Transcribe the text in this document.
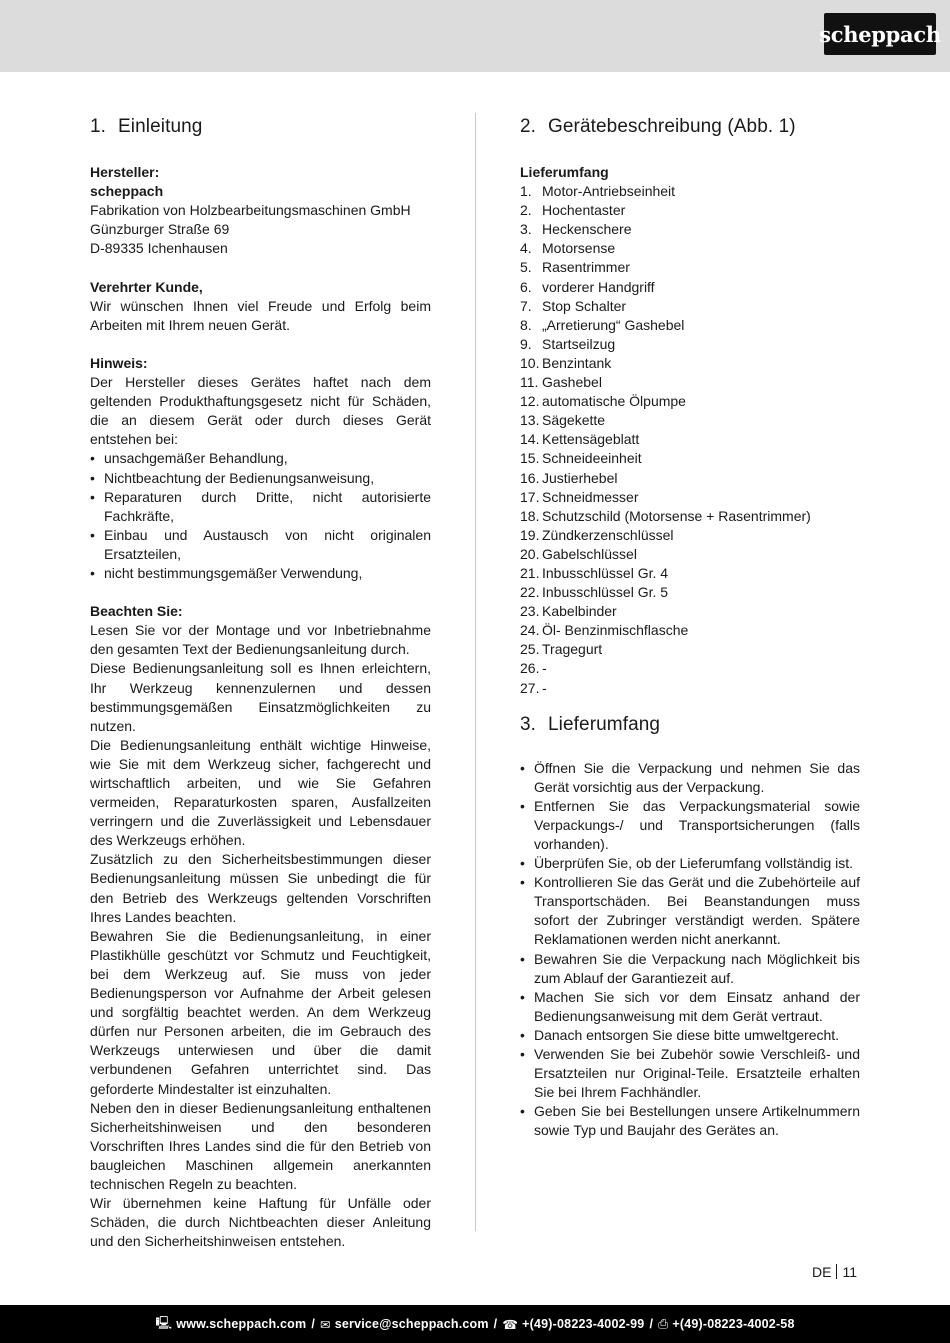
scheppach
1. Einleitung
Hersteller:
scheppach
Fabrikation von Holzbearbeitungsmaschinen GmbH
Günzburger Straße 69
D-89335 Ichenhausen
Verehrter Kunde,

Wir wünschen Ihnen viel Freude und Erfolg beim Arbeiten mit Ihrem neuen Gerät.

Hinweis:

Der Hersteller dieses Gerätes haftet nach dem geltenden Produkthaftungsgesetz nicht für Schäden, die an diesem Gerät oder durch dieses Gerät entstehen bei:

• unsachgemäßer Behandlung,
• Nichtbeachtung der Bedienungsanweisung,
• Reparaturen durch Dritte, nicht autorisierte Fachkräfte,
• Einbau und Austausch von nicht originalen Ersatzteilen,
• nicht bestimmungsgemäßer Verwendung,
Beachten Sie:

Lesen Sie vor der Montage und vor Inbetriebnahme den gesamten Text der Bedienungsanleitung durch.

Diese Bedienungsanleitung soll es Ihnen erleichtern, Ihr Werkzeug kennenzulernen und dessen bestimmungsgemäßen Einsatzmöglichkeiten zu nutzen.

Die Bedienungsanleitung enthält wichtige Hinweise, wie Sie mit dem Werkzeug sicher, fachgerecht und wirtschaftlich arbeiten, und wie Sie Gefahren vermeiden, Reparaturkosten sparen, Ausfallzeiten verringern und die Zuverlässigkeit und Lebensdauer des Werkzeugs erhöhen.

Zusätzlich zu den Sicherheitsbestimmungen dieser Bedienungsanleitung müssen Sie unbedingt die für den Betrieb des Werkzeugs geltenden Vorschriften Ihres Landes beachten.

Bewahren Sie die Bedienungsanleitung, in einer Plastikhülle geschützt vor Schmutz und Feuchtigkeit, bei dem Werkzeug auf. Sie muss von jeder Bedienungsperson vor Aufnahme der Arbeit gelesen und sorgfältig beachtet werden. An dem Werkzeug dürfen nur Personen arbeiten, die im Gebrauch des Werkzeugs unterwiesen und über die damit verbundenen Gefahren unterrichtet sind. Das geforderte Mindestalter ist einzuhalten.

Neben den in dieser Bedienungsanleitung enthaltenen Sicherheitshinweisen und den besonderen Vorschriften Ihres Landes sind die für den Betrieb von baugleichen Maschinen allgemein anerkannten technischen Regeln zu beachten.

Wir übernehmen keine Haftung für Unfälle oder Schäden, die durch Nichtbeachten dieser Anleitung und den Sicherheitshinweisen entstehen.

2. Gerätebeschreibung (Abb. 1)
Lieferumfang
1. Motor-Antriebseinheit
2. Hochentaster
3. Heckenschere
4. Motorsense
5. Rasentrimmer
6. vorderer Handgriff
7. Stop Schalter
8. „Arretierung“ Gashebel
9. Startseilzug
10. Benzintank
11. Gashebel
12. automatische Ölpumpe
13. Sägekette
14. Kettensägeblatt
15. Schneideeinheit
16. Justierhebel
17. Schneidmesser
18. Schutzschild (Motorsense + Rasentrimmer)
19. Zündkerzenschlüssel
20. Gabelschlüssel
21. Inbusschlüssel Gr. 4
22. Inbusschlüssel Gr. 5
23. Kabelbinder
24. Öl- Benzinmischflasche
25. Tragegurt
26. -
27. -
3. Lieferumfang
• Öffnen Sie die Verpackung und nehmen Sie das Gerät vorsichtig aus der Verpackung.
• Entfernen Sie das Verpackungsmaterial sowie Verpackungs-/ und Transportsicherungen (falls vorhanden).
• Überprüfen Sie, ob der Lieferumfang vollständig ist.
• Kontrollieren Sie das Gerät und die Zubehörteile auf Transportschäden. Bei Beanstandungen muss sofort der Zubringer verständigt werden. Spätere Reklamationen werden nicht anerkannt.
• Bewahren Sie die Verpackung nach Möglichkeit bis zum Ablauf der Garantiezeit auf.
• Machen Sie sich vor dem Einsatz anhand der Bedienungsanweisung mit dem Gerät vertraut.
• Danach entsorgen Sie diese bitte umweltgerecht.
• Verwenden Sie bei Zubehör sowie Verschleiß- und Ersatzteilen nur Original-Teile. Ersatzteile erhalten Sie bei Ihrem Fachhändler.
• Geben Sie bei Bestellungen unsere Artikelnummern sowie Typ und Baujahr des Gerätes an.
DE 11
🖳 www.scheppach.com / ✉ service@scheppach.com / ☎ +(49)-08223-4002-99 / ⎙ +(49)-08223-4002-58
